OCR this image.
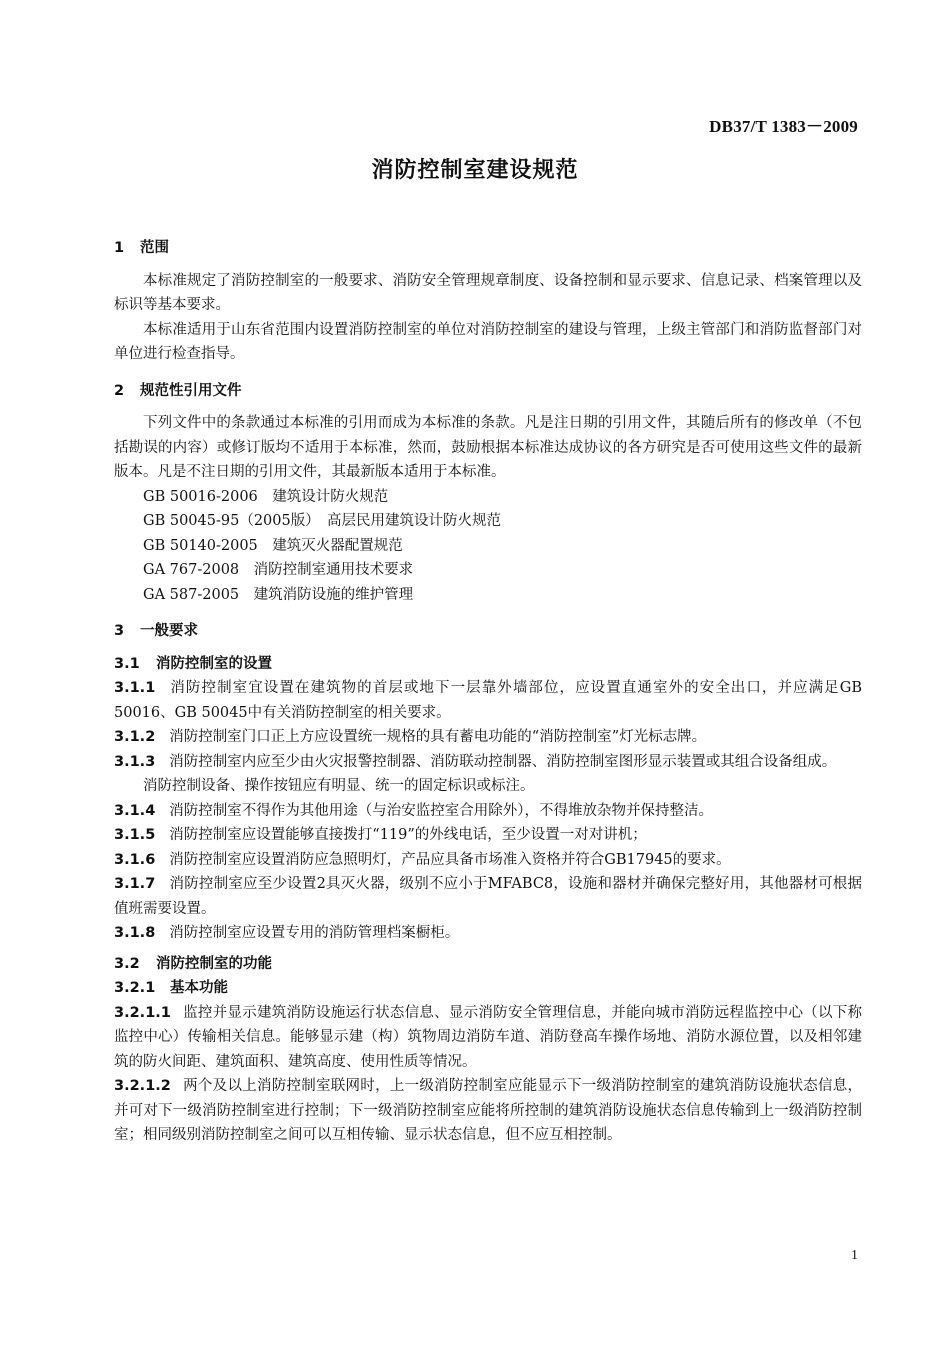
DB37/T 1383－2009
消防控制室建设规范
1 范围

本标准规定了消防控制室的一般要求、消防安全管理规章制度、设备控制和显示要求、信息记录、档案管理以及标识等基本要求。

本标准适用于山东省范围内设置消防控制室的单位对消防控制室的建设与管理，上级主管部门和消防监督部门对单位进行检查指导。

2 规范性引用文件

下列文件中的条款通过本标准的引用而成为本标准的条款。凡是注日期的引用文件，其随后所有的修改单（不包括勘误的内容）或修订版均不适用于本标准，然而，鼓励根据本标准达成协议的各方研究是否可使用这些文件的最新版本。凡是不注日期的引用文件，其最新版本适用于本标准。

GB 50016-2006　建筑设计防火规范

GB 50045-95（2005版）　高层民用建筑设计防火规范

GB 50140-2005　建筑灭火器配置规范

GA 767-2008　消防控制室通用技术要求

GA 587-2005　建筑消防设施的维护管理

3 一般要求
3.1 消防控制室的设置

3.1.1 消防控制室宜设置在建筑物的首层或地下一层靠外墙部位，应设置直通室外的安全出口，并应满足GB 50016、GB 50045中有关消防控制室的相关要求。

3.1.2 消防控制室门口正上方应设置统一规格的具有蓄电功能的“消防控制室”灯光标志牌。

3.1.3 消防控制室内应至少由火灾报警控制器、消防联动控制器、消防控制室图形显示装置或其组合设备组成。

消防控制设备、操作按钮应有明显、统一的固定标识或标注。

3.1.4 消防控制室不得作为其他用途（与治安监控室合用除外），不得堆放杂物并保持整洁。

3.1.5 消防控制室应设置能够直接拨打“119”的外线电话，至少设置一对对讲机；

3.1.6 消防控制室应设置消防应急照明灯，产品应具备市场准入资格并符合GB17945的要求。

3.1.7 消防控制室应至少设置2具灭火器，级别不应小于MFABC8，设施和器材并确保完整好用，其他器材可根据值班需要设置。

3.1.8 消防控制室应设置专用的消防管理档案橱柜。

3.2 消防控制室的功能
3.2.1 基本功能

3.2.1.1 监控并显示建筑消防设施运行状态信息、显示消防安全管理信息，并能向城市消防远程监控中心（以下称监控中心）传输相关信息。能够显示建（构）筑物周边消防车道、消防登高车操作场地、消防水源位置，以及相邻建筑的防火间距、建筑面积、建筑高度、使用性质等情况。

3.2.1.2 两个及以上消防控制室联网时，上一级消防控制室应能显示下一级消防控制室的建筑消防设施状态信息，并可对下一级消防控制室进行控制；下一级消防控制室应能将所控制的建筑消防设施状态信息传输到上一级消防控制室；相同级别消防控制室之间可以互相传输、显示状态信息，但不应互相控制。

1
